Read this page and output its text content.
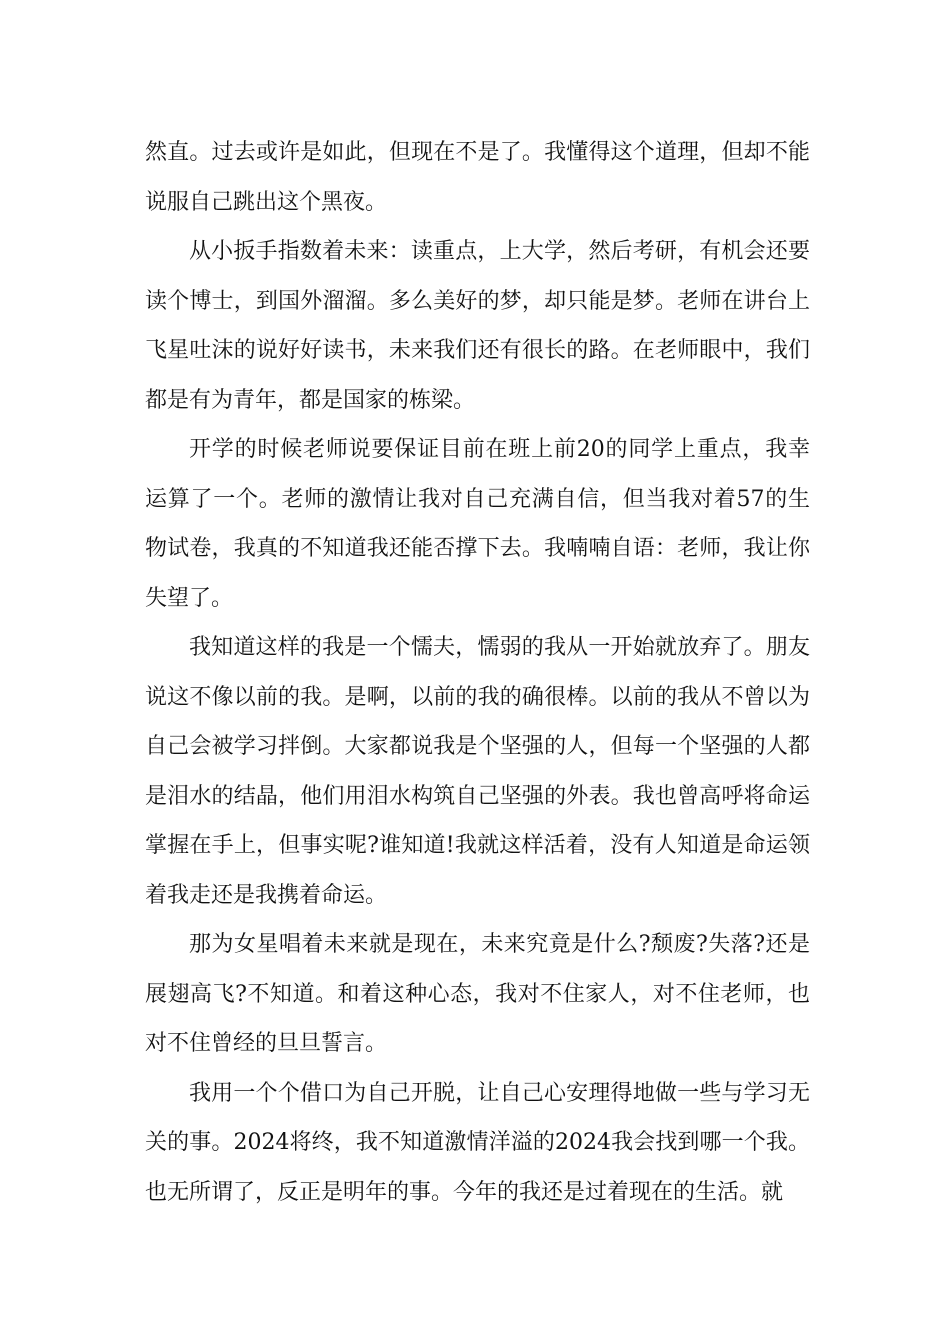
然直。过去或许是如此，但现在不是了。我懂得这个道理，但却不能说服自己跳出这个黑夜。

从小扳手指数着未来：读重点，上大学，然后考研，有机会还要读个博士，到国外溜溜。多么美好的梦，却只能是梦。老师在讲台上飞星吐沫的说好好读书，未来我们还有很长的路。在老师眼中，我们都是有为青年，都是国家的栋梁。

开学的时候老师说要保证目前在班上前20的同学上重点，我幸运算了一个。老师的激情让我对自己充满自信，但当我对着57的生物试卷，我真的不知道我还能否撑下去。我喃喃自语：老师，我让你失望了。

我知道这样的我是一个懦夫，懦弱的我从一开始就放弃了。朋友说这不像以前的我。是啊，以前的我的确很棒。以前的我从不曾以为自己会被学习拌倒。大家都说我是个坚强的人，但每一个坚强的人都是泪水的结晶，他们用泪水构筑自己坚强的外表。我也曾高呼将命运掌握在手上，但事实呢?谁知道!我就这样活着，没有人知道是命运领着我走还是我携着命运。

那为女星唱着未来就是现在，未来究竟是什么?颓废?失落?还是展翅高飞?不知道。和着这种心态，我对不住家人，对不住老师，也对不住曾经的旦旦誓言。

我用一个个借口为自己开脱，让自己心安理得地做一些与学习无关的事。2024将终，我不知道激情洋溢的2024我会找到哪一个我。也无所谓了，反正是明年的事。今年的我还是过着现在的生活。就
